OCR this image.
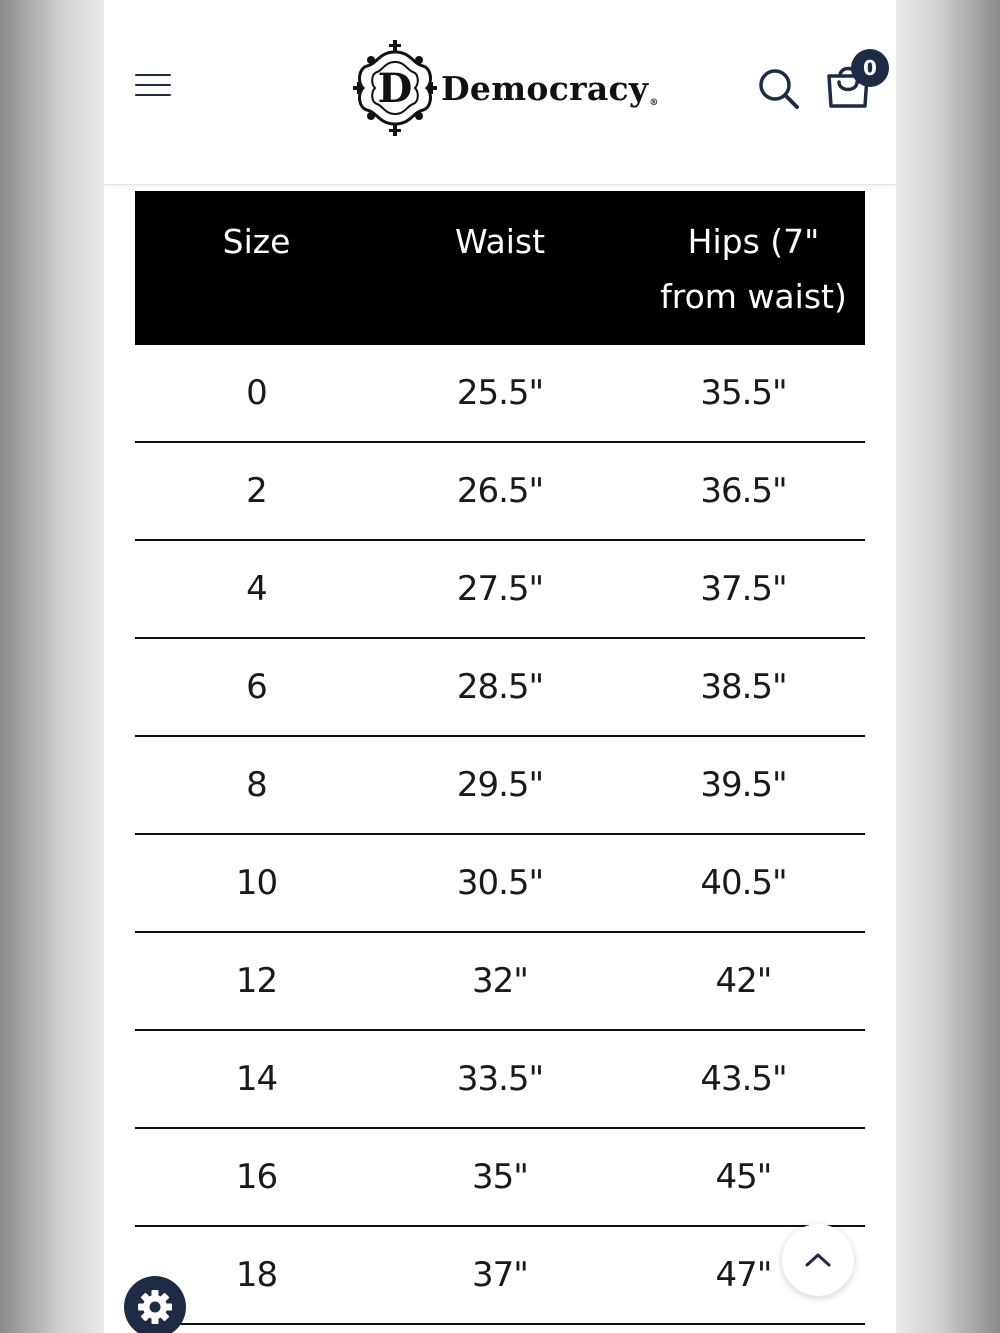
D Democracy®
0
Size	Waist	Hips (7" from waist)
0	25.5"	35.5"
2	26.5"	36.5"
4	27.5"	37.5"
6	28.5"	38.5"
8	29.5"	39.5"
10	30.5"	40.5"
12	32"	42"
14	33.5"	43.5"
16	35"	45"
18	37"	47"
